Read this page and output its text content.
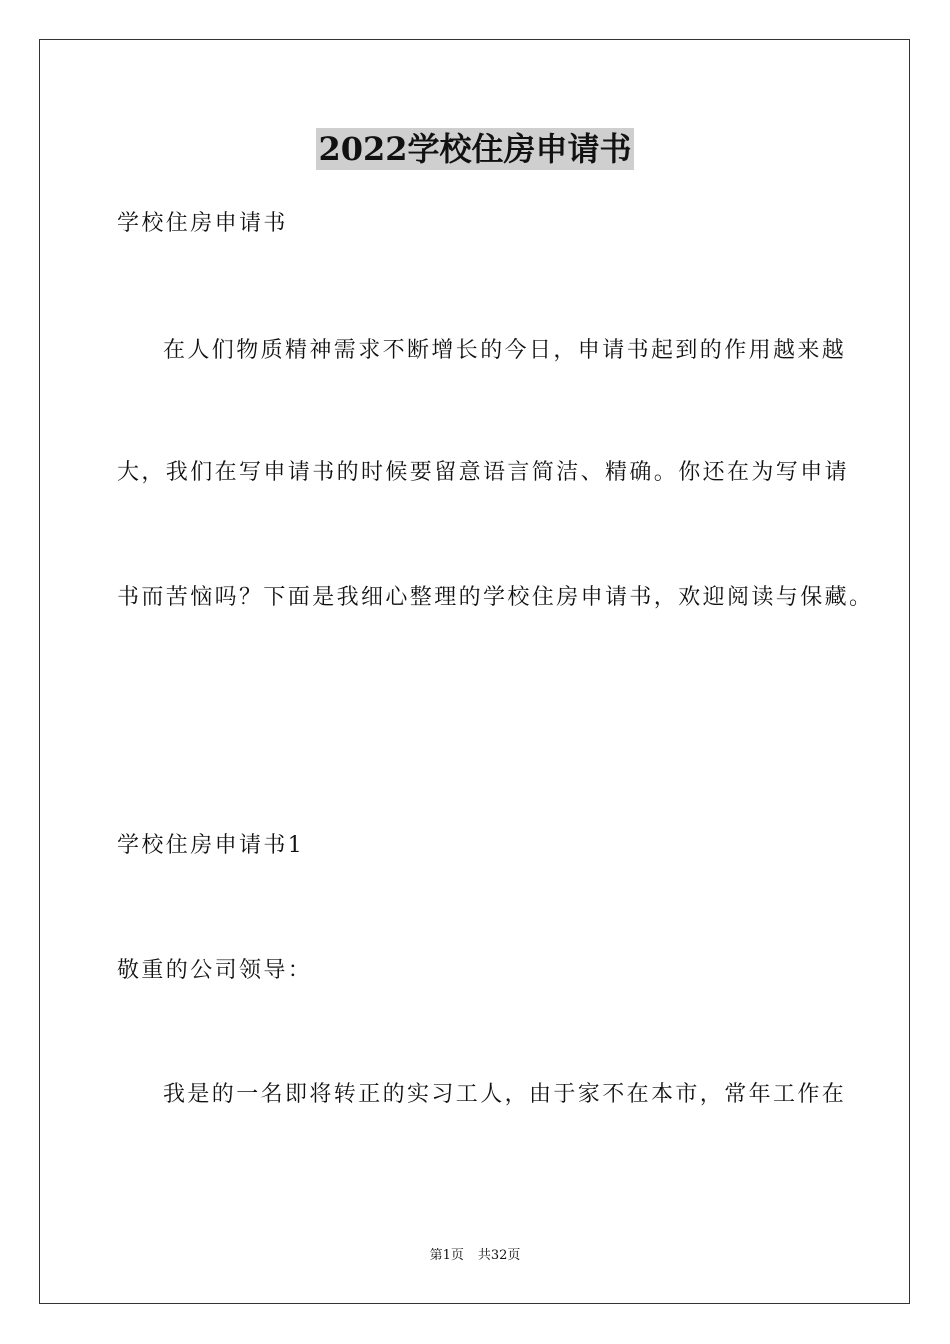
2022学校住房申请书
学校住房申请书
在人们物质精神需求不断增长的今日，申请书起到的作用越来越
大，我们在写申请书的时候要留意语言简洁、精确。你还在为写申请
书而苦恼吗？下面是我细心整理的学校住房申请书，欢迎阅读与保藏。
学校住房申请书1
敬重的公司领导：
我是的一名即将转正的实习工人，由于家不在本市，常年工作在
第1页 共32页
